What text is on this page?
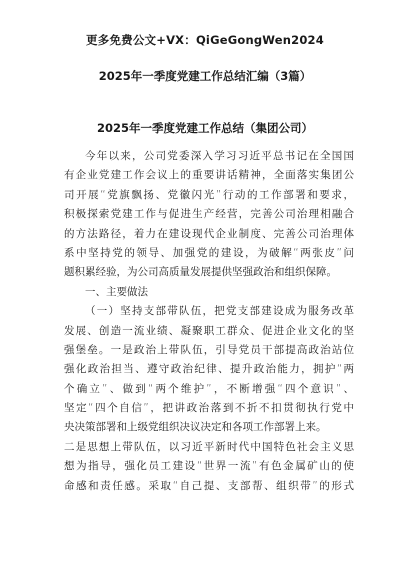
更多免费公文+VX：QiGeGongWen2024
2025年一季度党建工作总结汇编（3篇）
2025年一季度党建工作总结（集团公司）
今年以来，公司党委深入学习习近平总书记在全国国
有企业党建工作会议上的重要讲话精神，全面落实集团公
司开展“党旗飘扬、党徽闪光”行动的工作部署和要求，
积极探索党建工作与促进生产经营，完善公司治理相融合
的方法路径，着力在建设现代企业制度、完善公司治理体
系中坚持党的领导、加强党的建设，为破解“两张皮”问
题积累经验，为公司高质量发展提供坚强政治和组织保障。
一、主要做法
（一）坚持支部带队伍，把党支部建设成为服务改革
发展、创造一流业绩、凝聚职工群众、促进企业文化的坚
强堡垒。一是政治上带队伍，引导党员干部提高政治站位
强化政治担当、遵守政治纪律、提升政治能力，拥护“两
个确立”、做到“两个维护”，不断增强“四个意识”、
坚定“四个自信”，把讲政治落到不折不扣贯彻执行党中
央决策部署和上级党组织决议决定和各项工作部署上来。
二是思想上带队伍，以习近平新时代中国特色社会主义思
想为指导，强化员工建设“世界一流”有色金属矿山的使
命感和责任感。采取“自己提、支部帮、组织带”的形式
